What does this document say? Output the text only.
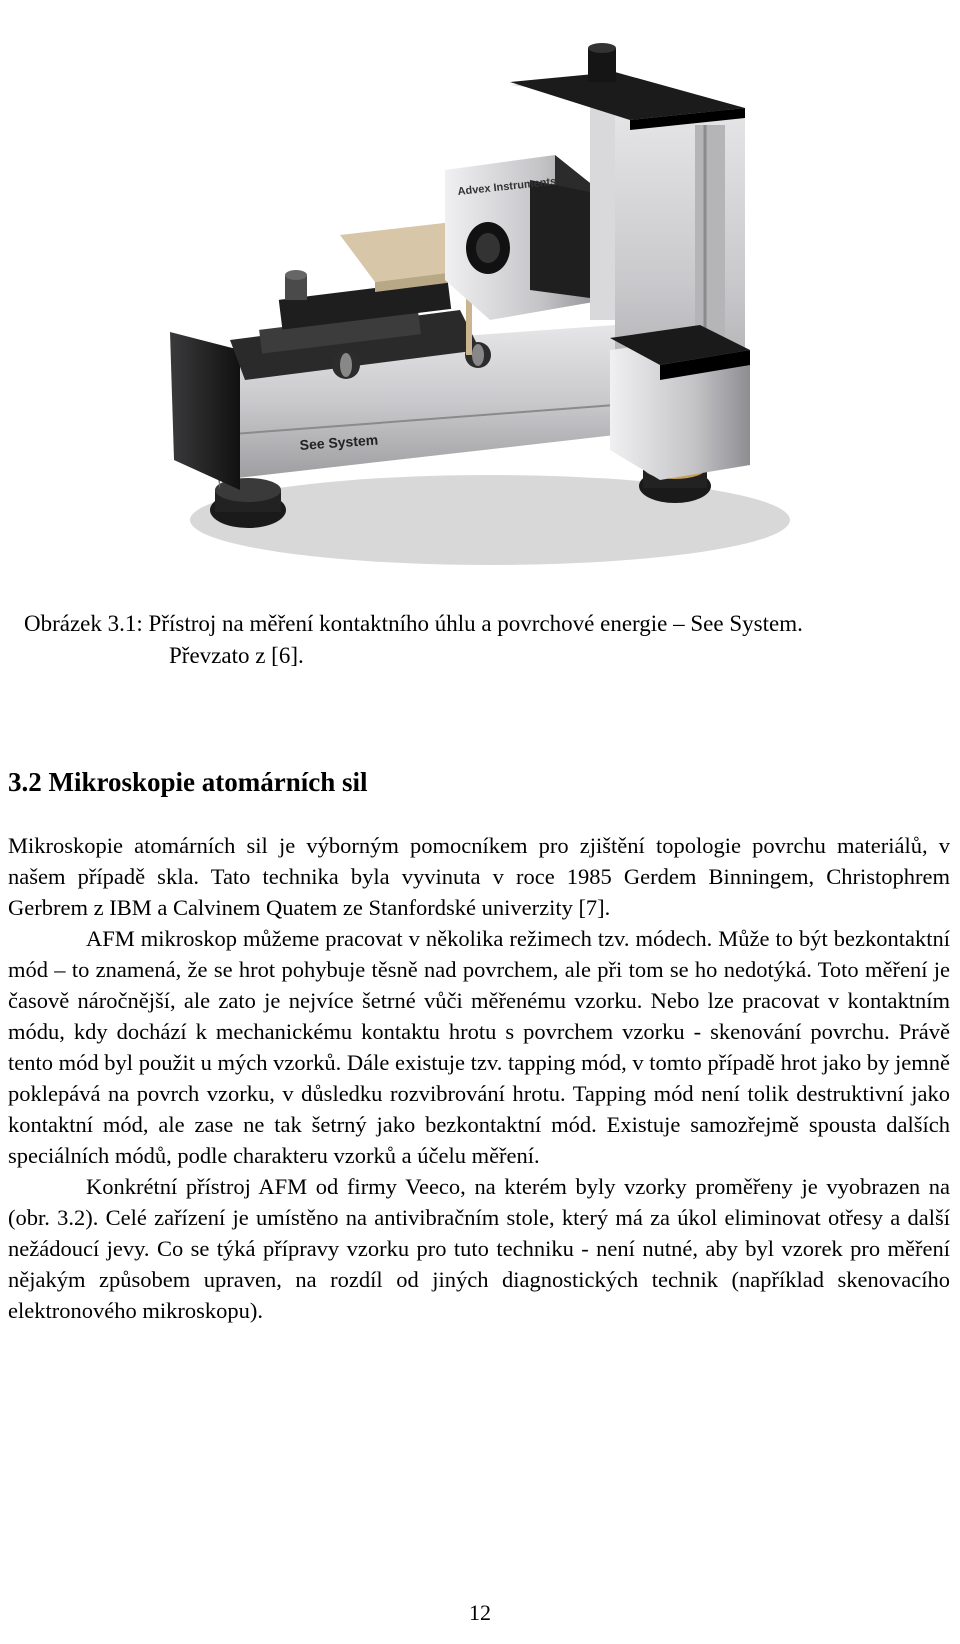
See System
Advex Instruments
Obrázek 3.1: Přístroj na měření kontaktního úhlu a povrchové energie – See System.
Převzato z [6].
3.2 Mikroskopie atomárních sil

Mikroskopie atomárních sil je výborným pomocníkem pro zjištění topologie povrchu materiálů, v našem případě skla. Tato technika byla vyvinuta v roce 1985 Gerdem Binningem, Christophrem Gerbrem z IBM a Calvinem Quatem ze Stanfordské univerzity [7].

AFM mikroskop můžeme pracovat v několika režimech tzv. módech. Může to být bezkontaktní mód – to znamená, že se hrot pohybuje těsně nad povrchem, ale při tom se ho nedotýká. Toto měření je časově náročnější, ale zato je nejvíce šetrné vůči měřenému vzorku. Nebo lze pracovat v kontaktním módu, kdy dochází k mechanickému kontaktu hrotu s povrchem vzorku - skenování povrchu. Právě tento mód byl použit u mých vzorků. Dále existuje tzv. tapping mód, v tomto případě hrot jako by jemně poklepává na povrch vzorku, v důsledku rozvibrování hrotu. Tapping mód není tolik destruktivní jako kontaktní mód, ale zase ne tak šetrný jako bezkontaktní mód. Existuje samozřejmě spousta dalších speciálních módů, podle charakteru vzorků a účelu měření.

Konkrétní přístroj AFM od firmy Veeco, na kterém byly vzorky proměřeny je vyobrazen na (obr. 3.2). Celé zařízení je umístěno na antivibračním stole, který má za úkol eliminovat otřesy a další nežádoucí jevy. Co se týká přípravy vzorku pro tuto techniku - není nutné, aby byl vzorek pro měření nějakým způsobem upraven, na rozdíl od jiných diagnostických technik (například skenovacího elektronového mikroskopu).

12
